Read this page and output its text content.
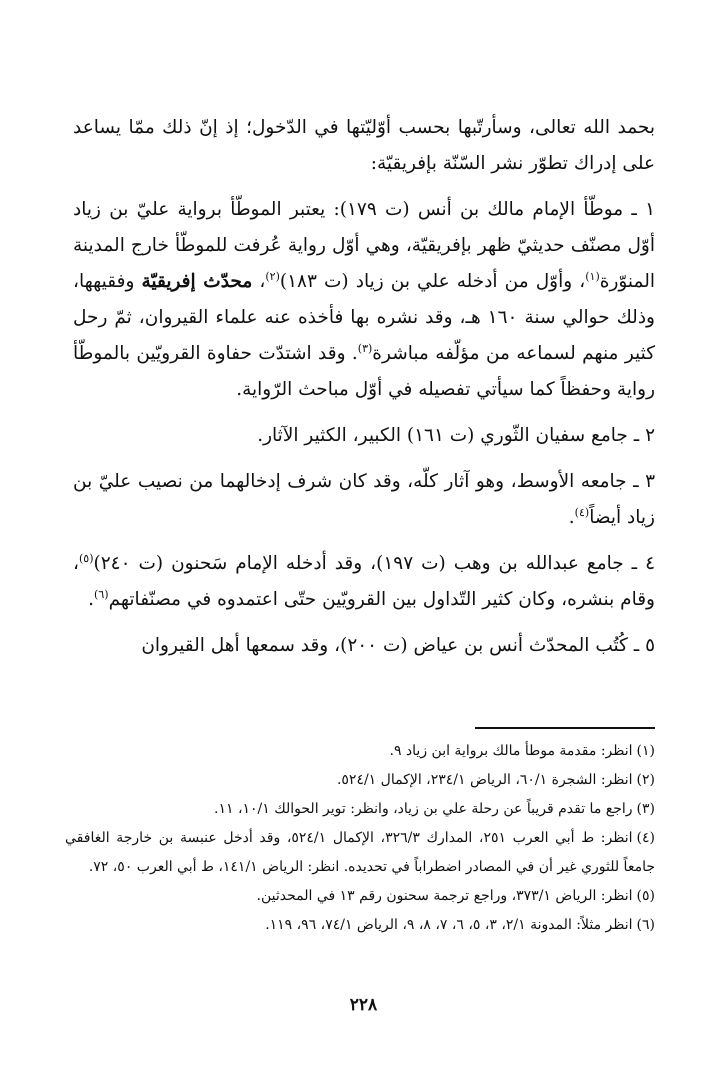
بحمد الله تعالى، وسأرتّبها بحسب أوّليّتها في الدّخول؛ إذ إنّ ذلك ممّا يساعد على إدراك تطوّر نشر السّنّة بإفريقيّة:

١ ـ موطّأ الإمام مالك بن أنس (ت ١٧٩): يعتبر الموطّأ برواية عليّ بن زياد أوّل مصنّف حديثيّ ظهر بإفريقيّة، وهي أوّل رواية عُرفت للموطّأ خارج المدينة المنوّرة$^{(١)}$، وأوّل من أدخله علي بن زياد (ت ١٨٣)$^{(٢)}$، محدّث إفريقيّة وفقيهها، وذلك حوالي سنة ١٦٠ هـ، وقد نشره بها فأخذه عنه علماء القيروان، ثمّ رحل كثير منهم لسماعه من مؤلّفه مباشرة$^{(٣)}$. وقد اشتدّت حفاوة القرويّين بالموطّأ رواية وحفظاً كما سيأتي تفصيله في أوّل مباحث الرّواية.

٢ ـ جامع سفيان الثّوري (ت ١٦١) الكبير، الكثير الآثار.

٣ ـ جامعه الأوسط، وهو آثار كلّه، وقد كان شرف إدخالهما من نصيب عليّ بن زياد أيضاً$^{(٤)}$.

٤ ـ جامع عبدالله بن وهب (ت ١٩٧)، وقد أدخله الإمام سَحنون (ت ٢٤٠)$^{(٥)}$، وقام بنشره، وكان كثير التّداول بين القرويّين حتّى اعتمدوه في مصنّفاتهم$^{(٦)}$.

٥ ـ كُتُب المحدّث أنس بن عياض (ت ٢٠٠)، وقد سمعها أهل القيروان

(١)انظر: مقدمة موطأ مالك برواية ابن زياد ٩.

(٢)انظر: الشجرة ٦٠/١، الرياض ٢٣٤/١، الإكمال ٥٢٤/١.

(٣)راجع ما تقدم قريباً عن رحلة علي بن زياد، وانظر: توير الحوالك ١٠/١، ١١.

(٤)انظر: ط أبي العرب ٢٥١، المدارك ٣٢٦/٣، الإكمال ٥٢٤/١، وقد أدخل عنبسة بن خارجة الغافقي جامعاً للثوري غير أن في المصادر اضطراباً في تحديده. انظر: الرياض ١٤١/١، ط أبي العرب ٥٠، ٧٢.

(٥)انظر: الرياض ٣٧٣/١، وراجع ترجمة سحنون رقم ١٣ في المحدثين.

(٦)انظر مثلاً: المدونة ٢/١، ٣، ٥، ٦، ٧، ٨، ٩، الرياض ٧٤/١، ٩٦، ١١٩.

٢٢٨
